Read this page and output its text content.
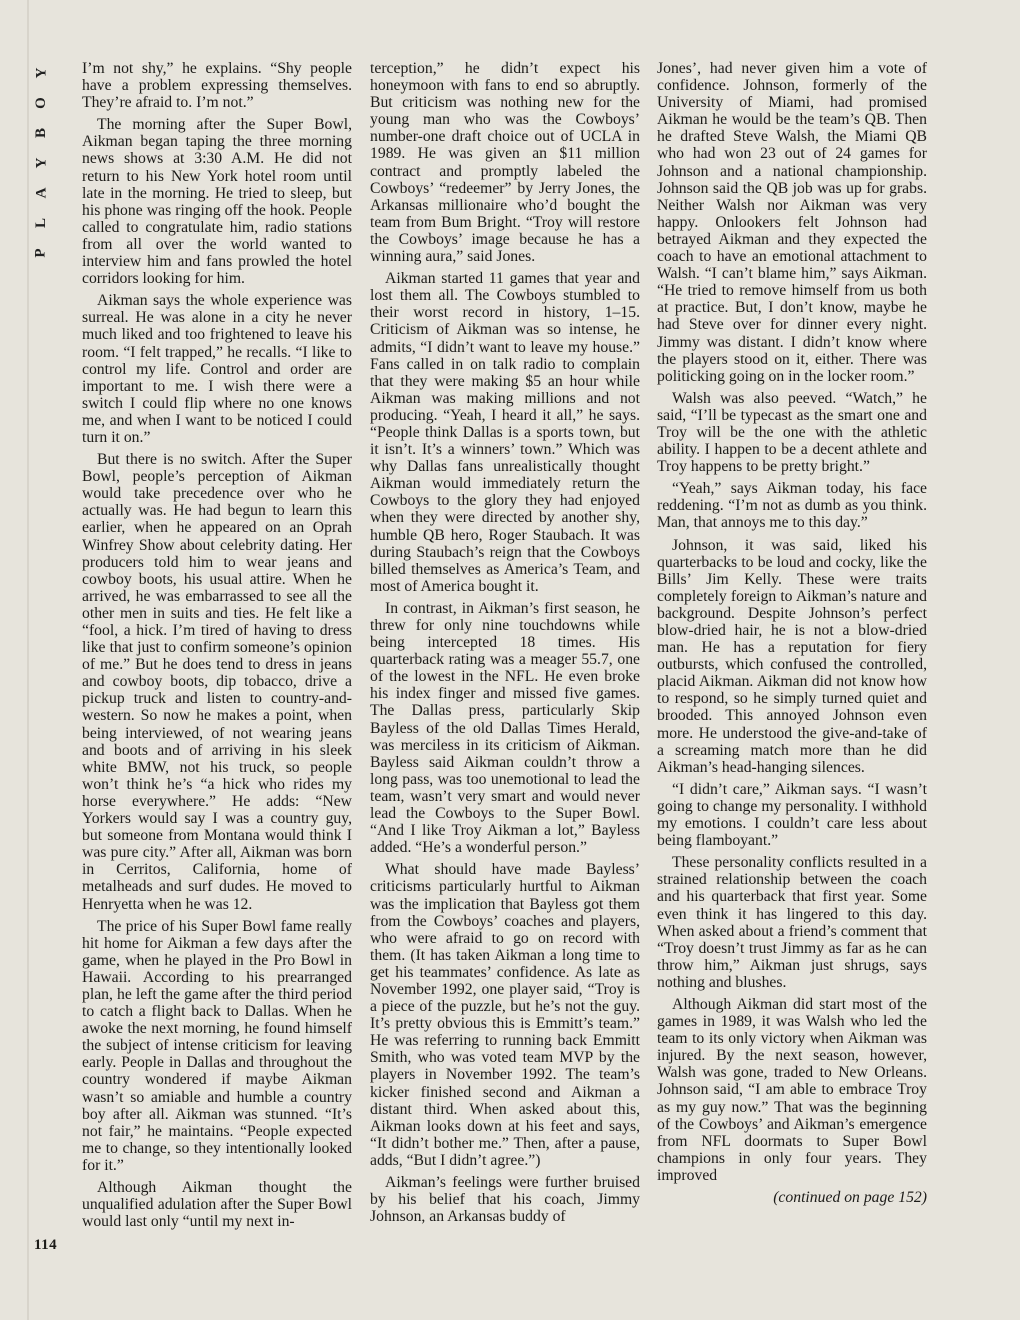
Y
O
B
Y
A
L
P

I’m not shy,” he explains. “Shy people have a problem expressing themselves. They’re afraid to. I’m not.”

The morning after the Super Bowl, Aikman began taping the three morning news shows at 3:30 A.M. He did not return to his New York hotel room until late in the morning. He tried to sleep, but his phone was ringing off the hook. People called to congratulate him, radio stations from all over the world wanted to interview him and fans prowled the hotel corridors looking for him.

Aikman says the whole experience was surreal. He was alone in a city he never much liked and too frightened to leave his room. “I felt trapped,” he recalls. “I like to control my life. Control and order are important to me. I wish there were a switch I could flip where no one knows me, and when I want to be noticed I could turn it on.”

But there is no switch. After the Super Bowl, people’s perception of Aikman would take precedence over who he actually was. He had begun to learn this earlier, when he appeared on an Oprah Winfrey Show about celebrity dating. Her producers told him to wear jeans and cowboy boots, his usual attire. When he arrived, he was embarrassed to see all the other men in suits and ties. He felt like a “fool, a hick. I’m tired of having to dress like that just to confirm someone’s opinion of me.” But he does tend to dress in jeans and cowboy boots, dip tobacco, drive a pickup truck and listen to country-and-western. So now he makes a point, when being interviewed, of not wearing jeans and boots and of arriving in his sleek white BMW, not his truck, so people won’t think he’s “a hick who rides my horse everywhere.” He adds: “New Yorkers would say I was a country guy, but someone from Montana would think I was pure city.” After all, Aikman was born in Cerritos, California, home of metalheads and surf dudes. He moved to Henryetta when he was 12.

The price of his Super Bowl fame really hit home for Aikman a few days after the game, when he played in the Pro Bowl in Hawaii. According to his prearranged plan, he left the game after the third period to catch a flight back to Dallas. When he awoke the next morning, he found himself the subject of intense criticism for leaving early. People in Dallas and throughout the country wondered if maybe Aikman wasn’t so amiable and humble a country boy after all. Aikman was stunned. “It’s not fair,” he maintains. “People expected me to change, so they intentionally looked for it.”

Although Aikman thought the unqualified adulation after the Super Bowl would last only “until my next in-

terception,” he didn’t expect his honeymoon with fans to end so abruptly. But criticism was nothing new for the young man who was the Cowboys’ number-one draft choice out of UCLA in 1989. He was given an $11 million contract and promptly labeled the Cowboys’ “redeemer” by Jerry Jones, the Arkansas millionaire who’d bought the team from Bum Bright. “Troy will restore the Cowboys’ image because he has a winning aura,” said Jones.

Aikman started 11 games that year and lost them all. The Cowboys stumbled to their worst record in history, 1–15. Criticism of Aikman was so intense, he admits, “I didn’t want to leave my house.” Fans called in on talk radio to complain that they were making $5 an hour while Aikman was making millions and not producing. “Yeah, I heard it all,” he says. “People think Dallas is a sports town, but it isn’t. It’s a winners’ town.” Which was why Dallas fans unrealistically thought Aikman would immediately return the Cowboys to the glory they had enjoyed when they were directed by another shy, humble QB hero, Roger Staubach. It was during Staubach’s reign that the Cowboys billed themselves as America’s Team, and most of America bought it.

In contrast, in Aikman’s first season, he threw for only nine touchdowns while being intercepted 18 times. His quarterback rating was a meager 55.7, one of the lowest in the NFL. He even broke his index finger and missed five games. The Dallas press, particularly Skip Bayless of the old Dallas Times Herald, was merciless in its criticism of Aikman. Bayless said Aikman couldn’t throw a long pass, was too unemotional to lead the team, wasn’t very smart and would never lead the Cowboys to the Super Bowl. “And I like Troy Aikman a lot,” Bayless added. “He’s a wonderful person.”

What should have made Bayless’ criticisms particularly hurtful to Aikman was the implication that Bayless got them from the Cowboys’ coaches and players, who were afraid to go on record with them. (It has taken Aikman a long time to get his teammates’ confidence. As late as November 1992, one player said, “Troy is a piece of the puzzle, but he’s not the guy. It’s pretty obvious this is Emmitt’s team.” He was referring to running back Emmitt Smith, who was voted team MVP by the players in November 1992. The team’s kicker finished second and Aikman a distant third. When asked about this, Aikman looks down at his feet and says, “It didn’t bother me.” Then, after a pause, adds, “But I didn’t agree.”)

Aikman’s feelings were further bruised by his belief that his coach, Jimmy Johnson, an Arkansas buddy of

Jones’, had never given him a vote of confidence. Johnson, formerly of the University of Miami, had promised Aikman he would be the team’s QB. Then he drafted Steve Walsh, the Miami QB who had won 23 out of 24 games for Johnson and a national championship. Johnson said the QB job was up for grabs. Neither Walsh nor Aikman was very happy. Onlookers felt Johnson had betrayed Aikman and they expected the coach to have an emotional attachment to Walsh. “I can’t blame him,” says Aikman. “He tried to remove himself from us both at practice. But, I don’t know, maybe he had Steve over for dinner every night. Jimmy was distant. I didn’t know where the players stood on it, either. There was politicking going on in the locker room.”

Walsh was also peeved. “Watch,” he said, “I’ll be typecast as the smart one and Troy will be the one with the athletic ability. I happen to be a decent athlete and Troy happens to be pretty bright.”

“Yeah,” says Aikman today, his face reddening. “I’m not as dumb as you think. Man, that annoys me to this day.”

Johnson, it was said, liked his quarterbacks to be loud and cocky, like the Bills’ Jim Kelly. These were traits completely foreign to Aikman’s nature and background. Despite Johnson’s perfect blow-dried hair, he is not a blow-dried man. He has a reputation for fiery outbursts, which confused the controlled, placid Aikman. Aikman did not know how to respond, so he simply turned quiet and brooded. This annoyed Johnson even more. He understood the give-and-take of a screaming match more than he did Aikman’s head-hanging silences.

“I didn’t care,” Aikman says. “I wasn’t going to change my personality. I withhold my emotions. I couldn’t care less about being flamboyant.”

These personality conflicts resulted in a strained relationship between the coach and his quarterback that first year. Some even think it has lingered to this day. When asked about a friend’s comment that “Troy doesn’t trust Jimmy as far as he can throw him,” Aikman just shrugs, says nothing and blushes.

Although Aikman did start most of the games in 1989, it was Walsh who led the team to its only victory when Aikman was injured. By the next season, however, Walsh was gone, traded to New Orleans. Johnson said, “I am able to embrace Troy as my guy now.” That was the beginning of the Cowboys’ and Aikman’s emergence from NFL doormats to Super Bowl champions in only four years. They improved

(continued on page 152)

114
